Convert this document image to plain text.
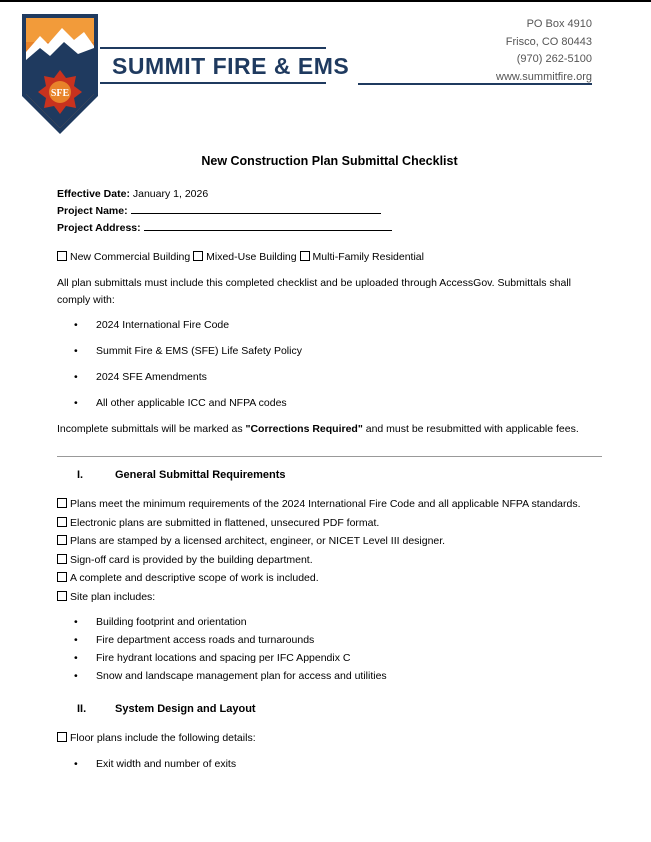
SFE
SUMMIT FIRE & EMS
PO Box 4910
Frisco, CO 80443
(970) 262-5100
www.summitfire.org
New Construction Plan Submittal Checklist
Effective Date: January 1, 2026
Project Name:
Project Address:
New Commercial Building Mixed-Use Building Multi-Family Residential
All plan submittals must include this completed checklist and be uploaded through AccessGov. Submittals shall comply with:
• 2024 International Fire Code
• Summit Fire & EMS (SFE) Life Safety Policy
• 2024 SFE Amendments
• All other applicable ICC and NFPA codes
Incomplete submittals will be marked as "Corrections Required" and must be resubmitted with applicable fees.
I.	General Submittal Requirements
Plans meet the minimum requirements of the 2024 International Fire Code and all applicable NFPA standards.
Electronic plans are submitted in flattened, unsecured PDF format.
Plans are stamped by a licensed architect, engineer, or NICET Level III designer.
Sign-off card is provided by the building department.
A complete and descriptive scope of work is included.
Site plan includes:
• Building footprint and orientation
• Fire department access roads and turnarounds
• Fire hydrant locations and spacing per IFC Appendix C
• Snow and landscape management plan for access and utilities
II.	System Design and Layout
Floor plans include the following details:
• Exit width and number of exits
